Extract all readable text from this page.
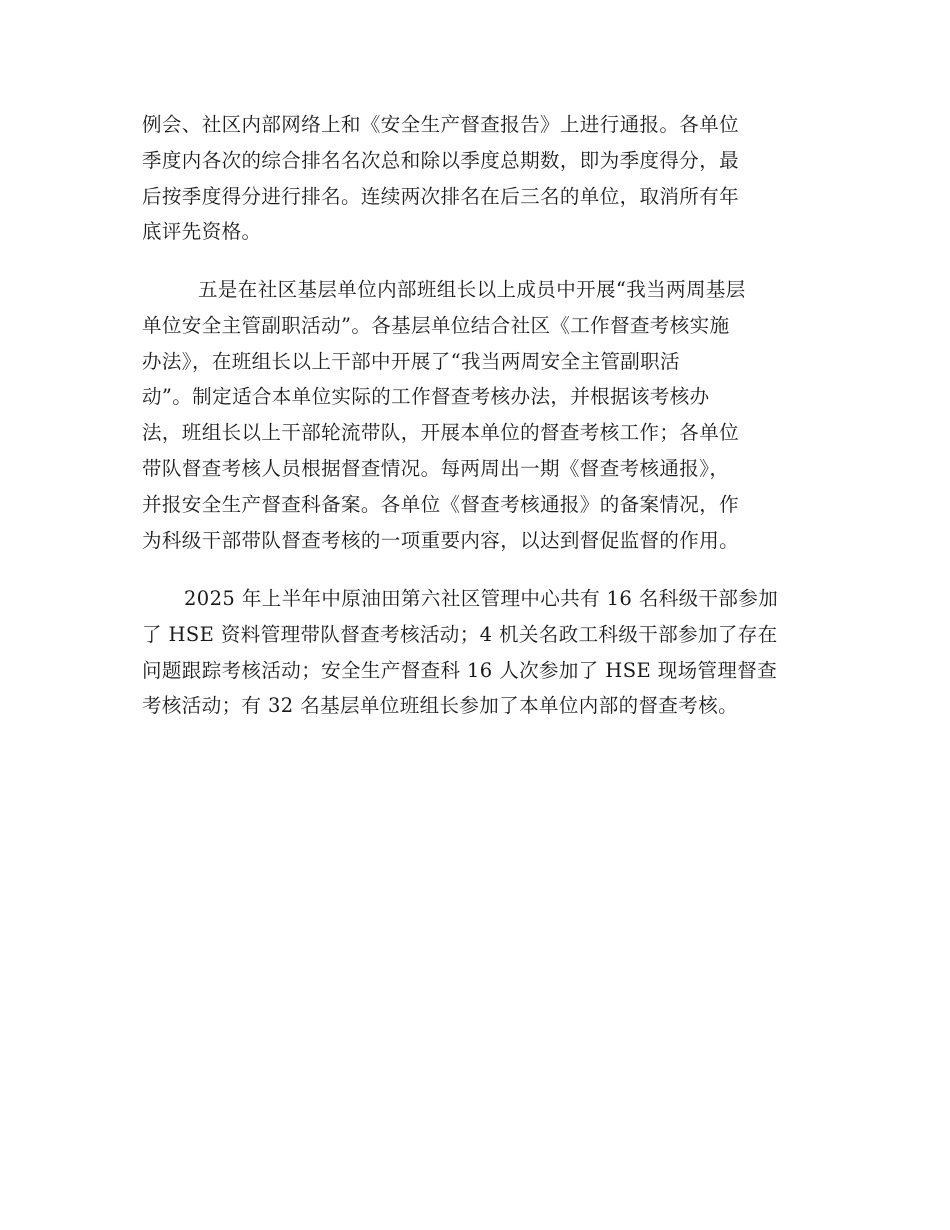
例会、社区内部网络上和《安全生产督查报告》上进行通报。各单位
季度内各次的综合排名名次总和除以季度总期数，即为季度得分，最
后按季度得分进行排名。连续两次排名在后三名的单位，取消所有年
底评先资格。
五是在社区基层单位内部班组长以上成员中开展“我当两周基层
单位安全主管副职活动”。各基层单位结合社区《工作督查考核实施
办法》，在班组长以上干部中开展了“我当两周安全主管副职活
动”。制定适合本单位实际的工作督查考核办法，并根据该考核办
法，班组长以上干部轮流带队，开展本单位的督查考核工作；各单位
带队督查考核人员根据督查情况。每两周出一期《督查考核通报》，
并报安全生产督查科备案。各单位《督查考核通报》的备案情况，作
为科级干部带队督查考核的一项重要内容，以达到督促监督的作用。
2025 年上半年中原油田第六社区管理中心共有 16 名科级干部参加
了 HSE 资料管理带队督查考核活动；4 机关名政工科级干部参加了存在
问题跟踪考核活动；安全生产督查科 16 人次参加了 HSE 现场管理督查
考核活动；有 32 名基层单位班组长参加了本单位内部的督查考核。
